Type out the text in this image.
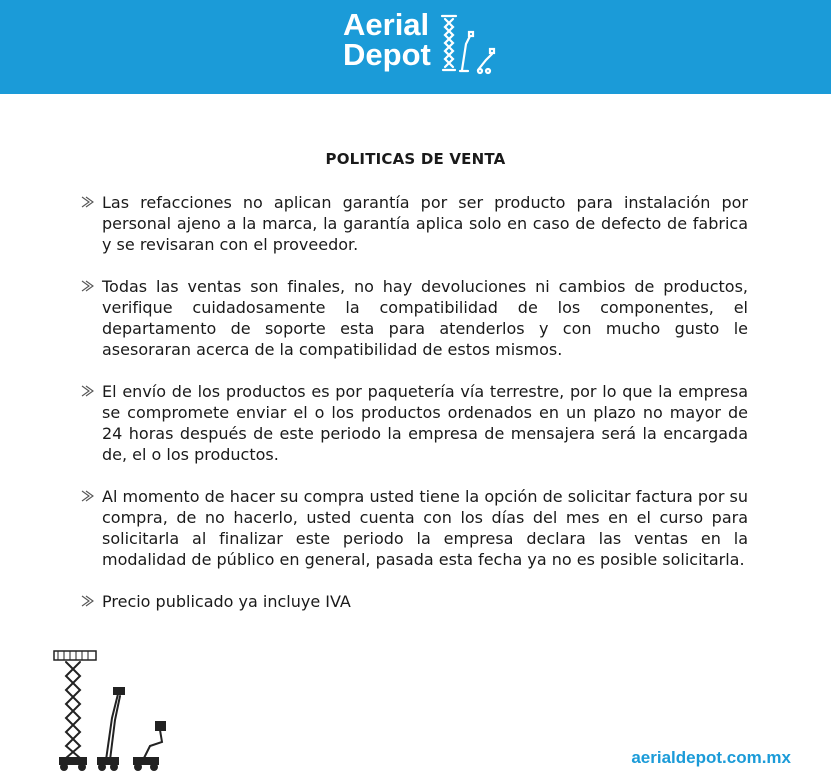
Aerial
Depot
POLITICAS DE VENTA
Las refacciones no aplican garantía por ser producto para instalación por personal ajeno a la marca, la garantía aplica solo en caso de defecto de fabrica y se revisaran con el proveedor.
Todas las ventas son finales, no hay devoluciones ni cambios de productos, verifique cuidadosamente la compatibilidad de los componentes, el departamento de soporte esta para atenderlos y con mucho gusto le asesoraran acerca de la compatibilidad de estos mismos.
El envío de los productos es por paquetería vía terrestre, por lo que la empresa se compromete enviar el o los productos ordenados en un plazo no mayor de 24 horas después de este periodo la empresa de mensajera será la encargada de, el o los productos.
Al momento de hacer su compra usted tiene la opción de solicitar factura por su compra, de no hacerlo, usted cuenta con los días del mes en el curso para solicitarla al finalizar este periodo la empresa declara las ventas en la modalidad de público en general, pasada esta fecha ya no es posible solicitarla.
Precio publicado ya incluye IVA
aerialdepot.com.mx
